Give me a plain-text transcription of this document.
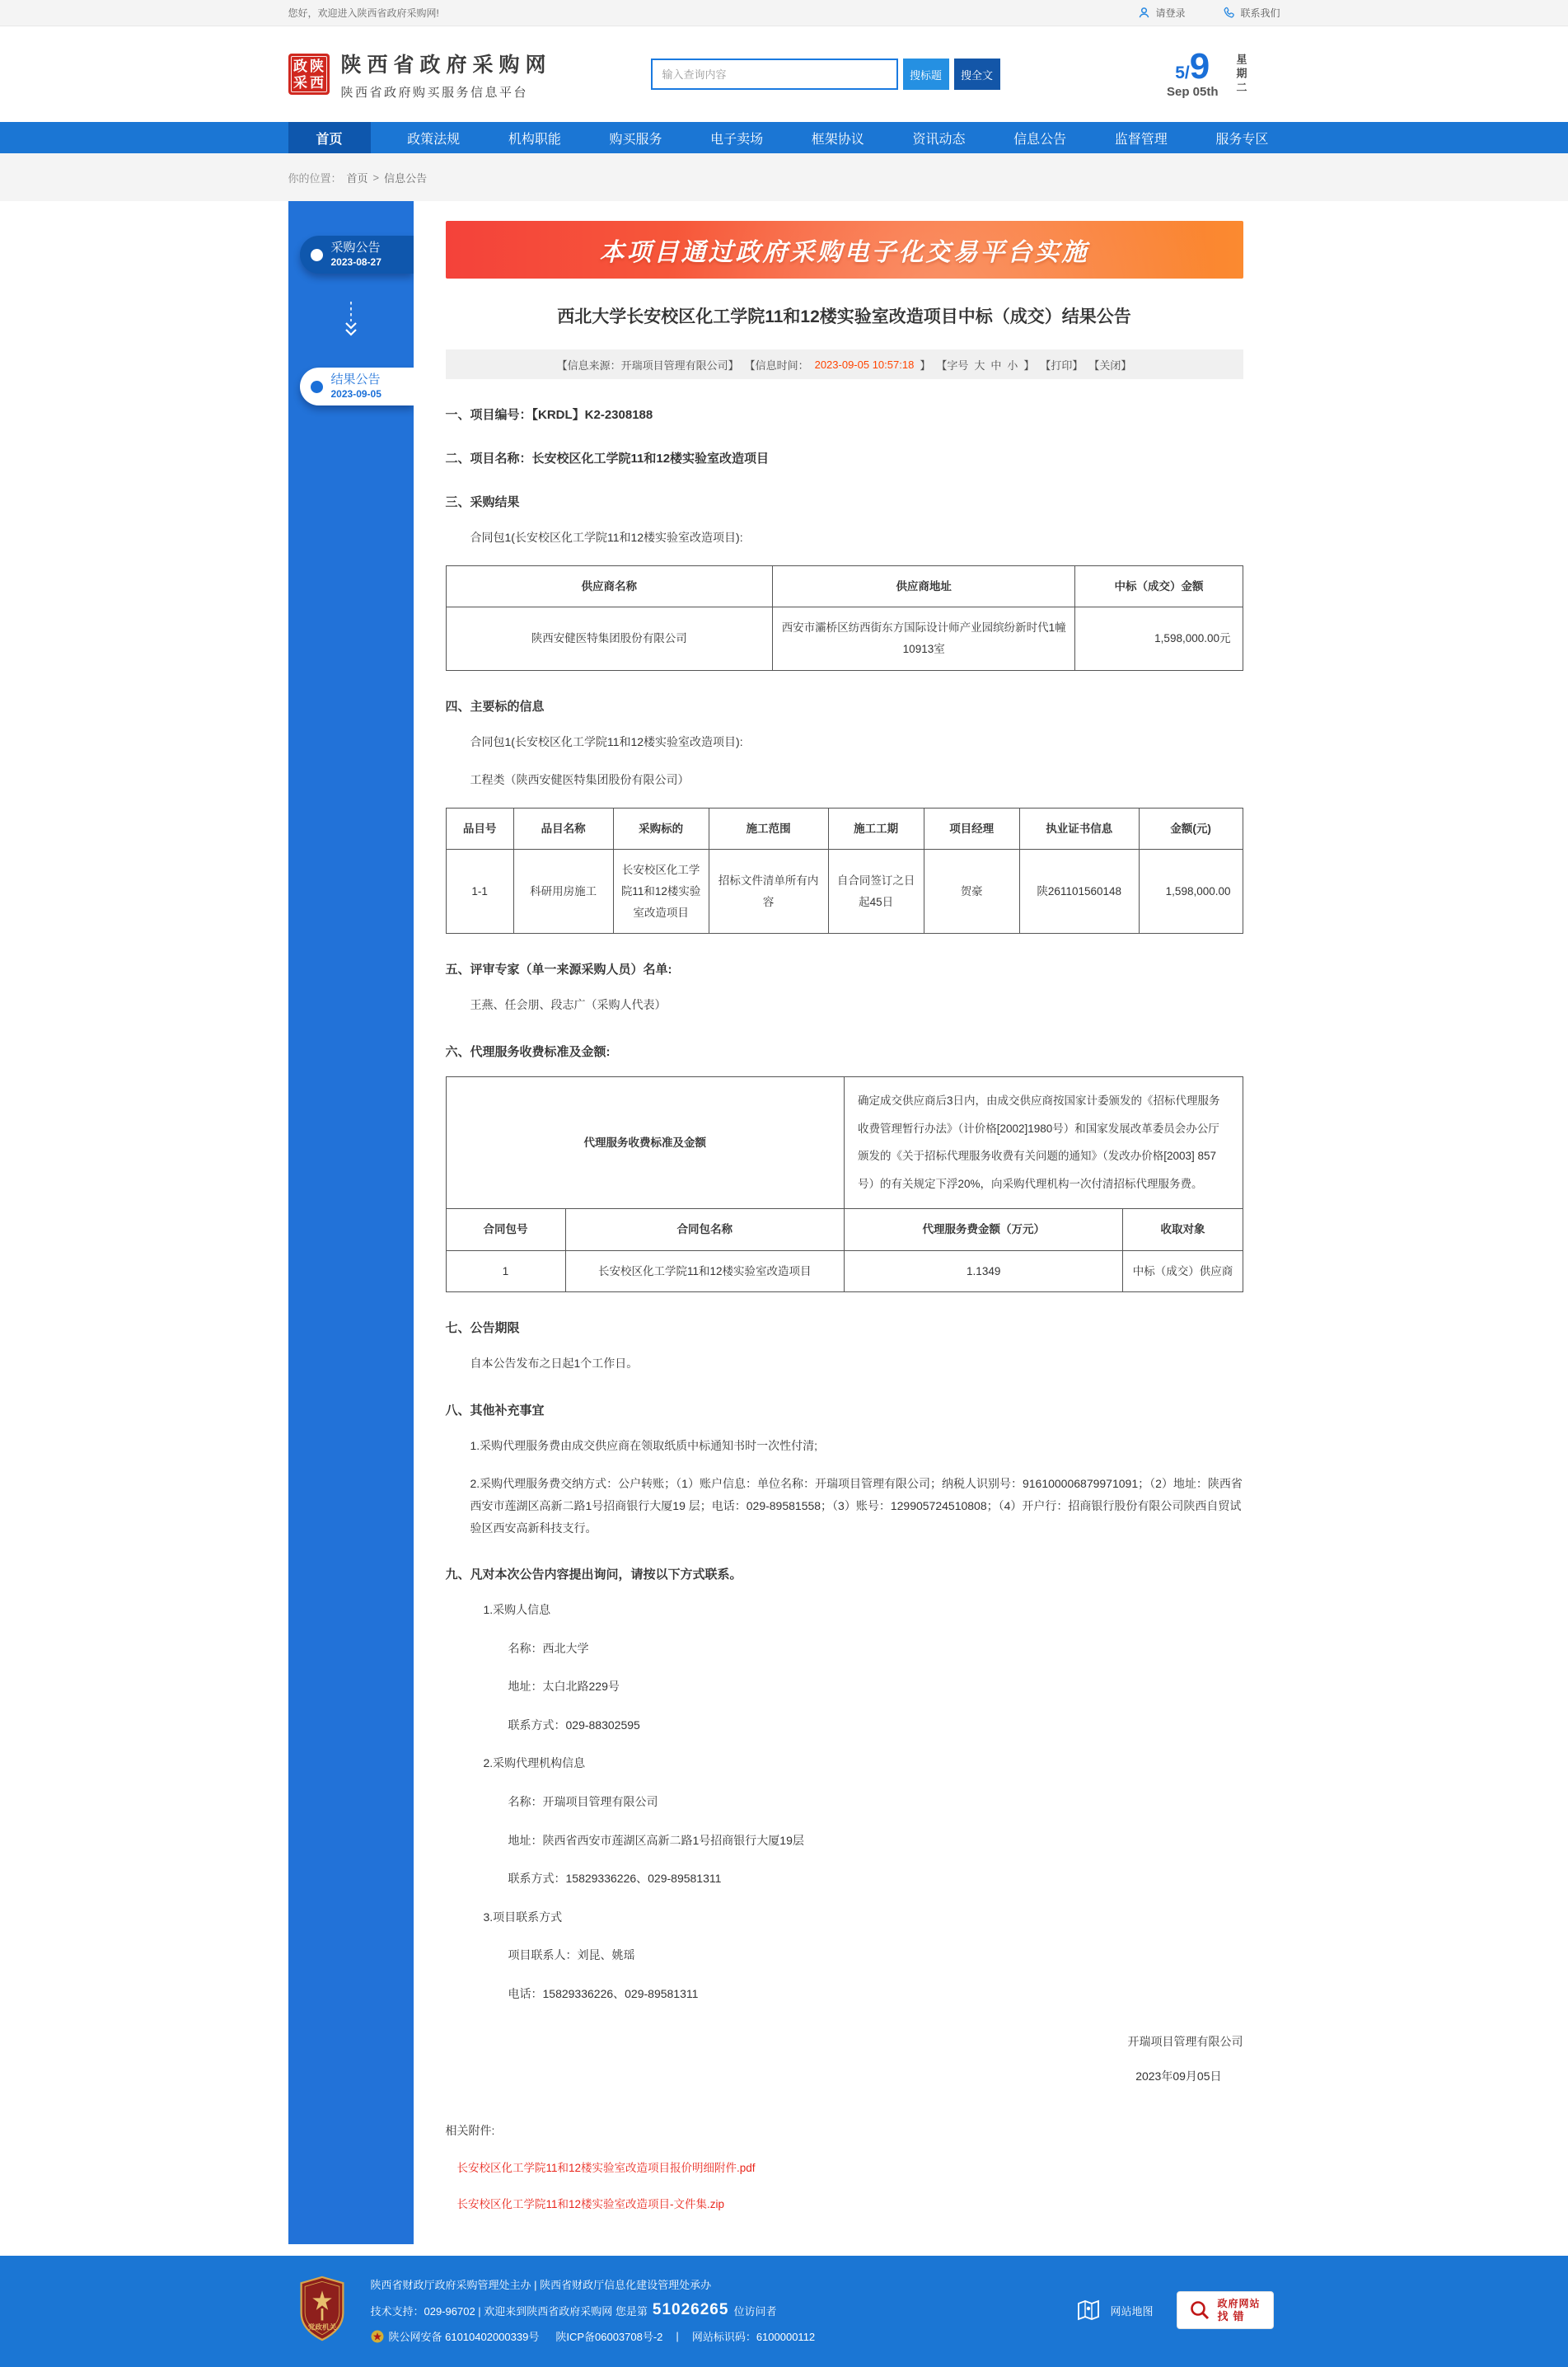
您好，欢迎进入陕西省政府采购网!	请登录	联系我们
政 陕
采 西
陕西省政府采购网
陕西省政府购买服务信息平台
输入查询内容
搜标题	搜全文	5/ 9
Sep 05th 星期二
首页	政策法规	机构职能	购买服务	电子卖场	框架协议	资讯动态	信息公告	监督管理	服务专区
你的位置： 首页 > 信息公告
采购公告
2023-08-27
结果公告
2023-09-05
本项目通过政府采购电子化交易平台实施
西北大学长安校区化工学院11和12楼实验室改造项目中标（成交）结果公告
【信息来源：开瑞项目管理有限公司】 【信息时间： 2023-09-05 10:57:18 】 【字号 大 中 小 】 【打印】 【关闭】
一、项目编号：【KRDL】K2-2308188
二、项目名称：长安校区化工学院11和12楼实验室改造项目
三、采购结果
合同包1(长安校区化工学院11和12楼实验室改造项目):
供应商名称	供应商地址	中标（成交）金额
陕西安健医特集团股份有限公司	西安市灞桥区纺西街东方国际设计师产业园缤纷新时代1幢10913室	1,598,000.00元
四、主要标的信息
合同包1(长安校区化工学院11和12楼实验室改造项目):
工程类（陕西安健医特集团股份有限公司）
品目号	品目名称	采购标的	施工范围	施工工期	项目经理	执业证书信息	金额(元)
1-1	科研用房施工	长安校区化工学院11和12楼实验室改造项目	招标文件清单所有内容	自合同签订之日起45日	贺豪	陕261101560148	1,598,000.00
五、评审专家（单一来源采购人员）名单:
王燕、任会朋、段志广（采购人代表）
六、代理服务收费标准及金额:
代理服务收费标准及金额		确定成交供应商后3日内，由成交供应商按国家计委颁发的《招标代理服务收费管理暂行办法》（计价格[2002]1980号）和国家发展改革委员会办公厅颁发的《关于招标代理服务收费有关问题的通知》（发改办价格[2003] 857号）的有关规定下浮20%，向采购代理机构一次付清招标代理服务费。	
合同包号	合同包名称	代理服务费金额（万元）	收取对象
1	长安校区化工学院11和12楼实验室改造项目	1.1349	中标（成交）供应商
七、公告期限
自本公告发布之日起1个工作日。
八、其他补充事宜
1.采购代理服务费由成交供应商在领取纸质中标通知书时一次性付清;
2.采购代理服务费交纳方式：公户转账；（1）账户信息：单位名称：开瑞项目管理有限公司；纳税人识别号：916100006879971091；（2）地址：陕西省西安市莲湖区高新二路1号招商银行大厦19 层；电话：029-89581558；（3）账号：129905724510808；（4）开户行：招商银行股份有限公司陕西自贸试验区西安高新科技支行。
九、凡对本次公告内容提出询问，请按以下方式联系。
1.采购人信息
名称：西北大学
地址：太白北路229号
联系方式：029-88302595
2.采购代理机构信息
名称：开瑞项目管理有限公司
地址：陕西省西安市莲湖区高新二路1号招商银行大厦19层
联系方式：15829336226、029-89581311
3.项目联系方式
项目联系人：刘昆、姚瑶
电话：15829336226、029-89581311
开瑞项目管理有限公司
2023年09月05日
相关附件:
长安校区化工学院11和12楼实验室改造项目报价明细附件.pdf
长安校区化工学院11和12楼实验室改造项目-文件集.zip
党政机关
陕西省财政厅政府采购管理处主办 | 陕西省财政厅信息化建设管理处承办
技术支持：029-96702 | 欢迎来到陕西省政府采购网 您是第 51026265 位访问者
陕公网安备 61010402000339号 陕ICP备06003708号-2 | 网站标识码：6100000112
网站地图
政府网站
找错
